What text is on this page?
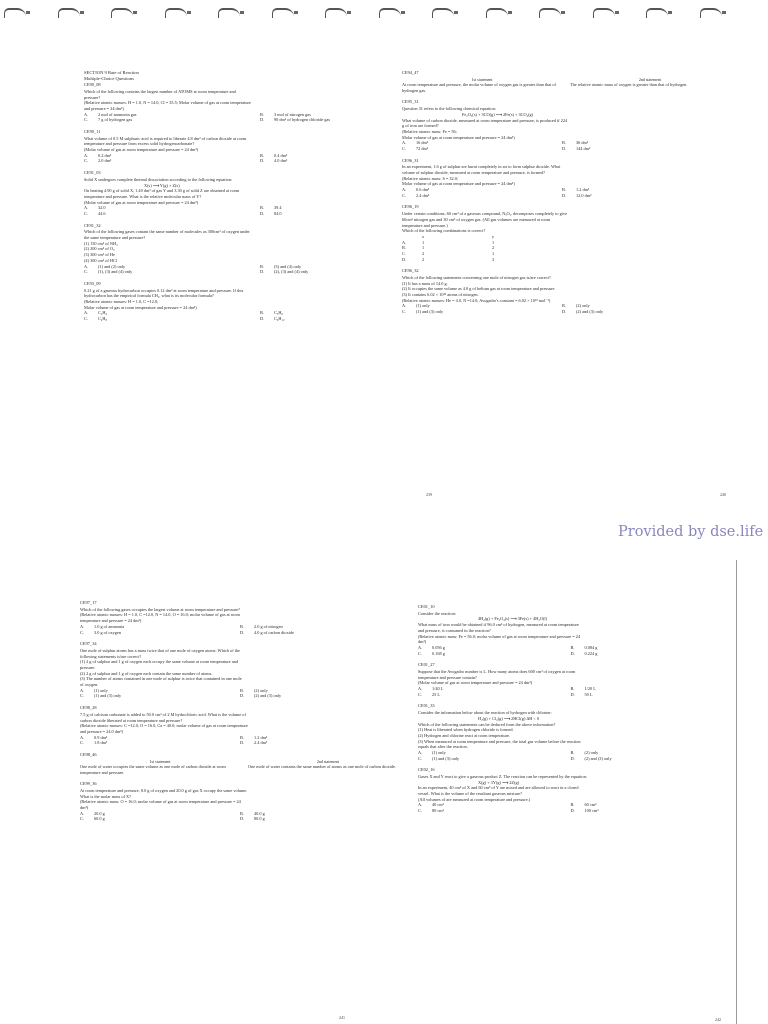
SECTION 9 Rate of Reaction
Multiple-Choice Questions
CE90_08
Which of the following contains the largest number of ATOMS at room temperature and
pressure?
(Relative atomic masses: H = 1.0, N = 14.0, Cl = 35.5; Molar volume of gas at room temperature
and pressure = 24 dm³)
A.	2 mol of ammonia gas	B.	3 mol of nitrogen gas
C.	7 g of hydrogen gas	D.	90 dm³ of hydrogen chloride gas
CE90_11
What volume of 0.5 M sulphuric acid is required to liberate 4.8 dm³ of carbon dioxide at room
temperature and pressure from excess solid hydrogencarbonate?
(Molar volume of gas at room temperature and pressure = 24 dm³)
A.	0.2 dm³	B.	0.4 dm³
C.	2.0 dm³	D.	4.0 dm³
CE91_03
Solid X undergoes complete thermal dissociation according to the following equation:
X(s) ⟶ Y(g) + Z(s)
On heating 4.90 g of solid X, 1.40 dm³ of gas Y and 3.30 g of solid Z are obtained at room
temperature and pressure. What is the relative molecular mass of Y?
(Molar volume of gas at room temperature and pressure = 24 dm³)
A.	32.0	B.	39.4
C.	44.6	D.	84.0
CE91_32
Which of the following gases contain the same number of molecules as 300cm³ of oxygen under
the same temperature and pressure?
(1) 150 cm³ of NH₃
(2) 200 cm³ of O₃
(3) 300 cm³ of He
(4) 300 cm³ of HCl
A.	(1) and (2) only	B.	(3) and (4) only
C.	(1), (3) and (4) only	D.	(2), (3) and (4) only
CE93_09
0.21 g of a gaseous hydrocarbon occupies 0.12 dm³ at room temperature and pressure. If this
hydrocarbon has the empirical formula CH₂, what is its molecular formula?
(Relative atomic masses: H = 1.0, C =12.0;
Molar volume of gas at room temperature and pressure = 24 dm³)
A.	C₂H₄	B.	C₃H₆
C.	C₄H₈	D.	C₆H₁₂
239
CE94_47
1st statement	2nd statement
At room temperature and pressure, the molar volume of oxygen gas is greater than that of hydrogen gas.
The relative atomic mass of oxygen is greater than that of hydrogen.
CE95_31
Question 31 refers to the following chemical equation:
Fe₂O₃(s) + 3CO(g) ⟶ 2Fe(s) + 3CO₂(g)
What volume of carbon dioxide, measured at room temperature and pressure, is produced if 224
g of iron are formed?
(Relative atomic mass: Fe = 56;
Molar volume of gas at room temperature and pressure = 24 dm³)
A.	16 dm³	B.	36 dm³
C.	72 dm³	D.	144 dm³
CE96_31
In an experiment, 1.6 g of sulphur are burnt completely in air to form sulphur dioxide. What
volume of sulphur dioxide, measured at room temperature and pressure, is formed?
(Relative atomic mass: S = 32.0;
Molar volume of gas at room temperature and pressure = 24 dm³)
A.	0.6 dm³	B.	1.2 dm³
C.	2.4 dm³	D.	12.0 dm³
CE96_19
Under certain conditions, 60 cm³ of a gaseous compound, NₓOᵧ, decomposes completely to give
60cm³ nitrogen gas and 30 cm³ of oxygen gas. (All gas volumes are measured at room
temperature and pressure.)
Which of the following combinations is correct?
x	y
A.	1	1
B.	1	2
C.	2	1
D.	2	3
CE96_32
Which of the following statements concerning one mole of nitrogen gas is/are correct?
(1) It has a mass of 14.0 g.
(2) It occupies the same volume as 4.0 g of helium gas at room temperature and pressure.
(3) It contains 6.02 × 10²³ atoms of nitrogen.
(Relative atomic masses: He = 4.0, N =14.0; Avogadro's constant = 6.02 × 10²³ mol⁻¹)
A.	(1) only	B.	(2) only
C.	(1) and (3) only	D.	(2) and (3) only
240
Provided by dse.life
CE97_17
Which of the following gases occupies the largest volume at room temperature and pressure?
(Relative atomic masses: H = 1.0, C =12.0, N = 14.0, O = 16.0; molar volume of gas at room
temperature and pressure = 24 dm³)
A.	1.0 g of ammonia	B.	2.0 g of nitrogen
C.	3.0 g of oxygen	D.	4.0 g of carbon dioxide
CE97_34
One mole of sulphur atoms has a mass twice that of one mole of oxygen atoms. Which of the
following statements is/are correct?
(1) 2 g of sulphur and 1 g of oxygen each occupy the same volume at room temperature and
pressure.
(2) 2 g of sulphur and 1 g of oxygen each contain the same number of atoms.
(3) The number of atoms contained in one mole of sulphur is twice that contained in one mole
of oxygen.
A.	(1) only	B.	(2) only
C.	(1) and (3) only	D.	(2) and (3) only
CE98_28
7.5 g of calcium carbonate is added to 50.0 cm³ of 2 M hydrochloric acid. What is the volume of
carbon dioxide liberated at room temperature and pressure?
(Relative atomic masses: C =12.0, O = 16.0, Ca = 40.0; molar volume of gas at room temperature
and pressure = 24.0 dm³)
A.	0.9 dm³	B.	1.2 dm³
C.	1.8 dm³	D.	2.4 dm³
CE98_46
1st statement	2nd statement
One mole of water occupies the same volume as one mole of carbon dioxide at room temperature and pressure.
One mole of water contains the same number of atoms as one mole of carbon dioxide.
CE99_36
At room temperature and pressure, 8.0 g of oxygen and 20.0 g of gas X occupy the same volume.
What is the molar mass of X?
(Relative atomic mass: O = 16.0; molar volume of gas at room temperature and pressure = 24
dm³)
A.	20.0 g	B.	40.0 g
C.	60.0 g	D.	80.0 g
241
CE01_10
Consider the reaction:
4H₂(g) + Fe₃O₄(s) ⟶ 3Fe(s) + 4H₂O(l)
What mass of iron would be obtained if 96.0 cm³ of hydrogen, measured at room temperature
and pressure, is consumed in the reaction?
(Relative atomic mass: Fe = 56.0; molar volume of gas at room temperature and pressure = 24
dm³)
A.	0.056 g	B.	0.084 g
C.	0.168 g	D.	0.224 g
CE01_27
Suppose that the Avogadro number is L. How many atoms does 600 cm³ of oxygen at room
temperature and pressure contain?
(Molar volume of gas at room temperature and pressure = 24 dm³)
A.	1/40 L	B.	1/20 L
C.	25 L	D.	50 L
CE01_33
Consider the information below about the reaction of hydrogen with chlorine:
H₂(g) + Cl₂(g) ⟶ 2HCl(g) ΔH < 0
Which of the following statements can be deduced from the above information?
(1) Heat is liberated when hydrogen chloride is formed.
(2) Hydrogen and chlorine react at room temperature.
(3) When measured at room temperature and pressure, the total gas volume before the reaction
equals that after the reaction.
A.	(1) only	B.	(2) only
C.	(1) and (3) only	D.	(2) and (3) only
CE02_16
Gases X and Y react to give a gaseous product Z. The reaction can be represented by the equation:
X(g) + 3Y(g) ⟶ 2Z(g)
In an experiment, 40 cm³ of X and 60 cm³ of Y are mixed and are allowed to react in a closed
vessel. What is the volume of the resultant gaseous mixture?
(All volumes of are measured at room temperature and pressure.)
A.	40 cm³	B.	60 cm³
C.	80 cm³	D.	100 cm³
242
